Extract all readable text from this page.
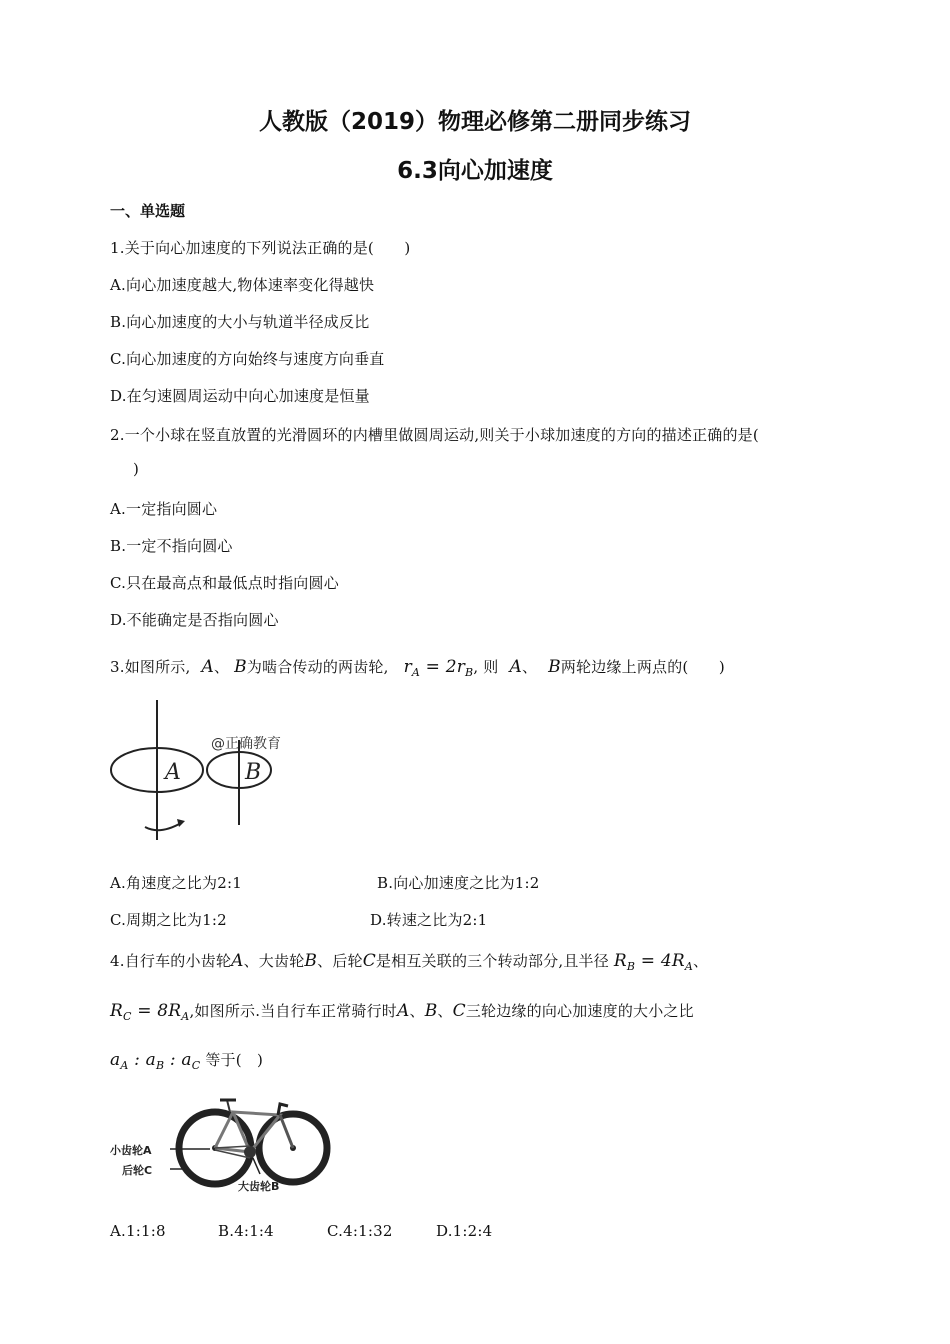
人教版（2019）物理必修第二册同步练习
6.3向心加速度
一、单选题
1.关于向心加速度的下列说法正确的是(　　)
A.向心加速度越大,物体速率变化得越快
B.向心加速度的大小与轨道半径成反比
C.向心加速度的方向始终与速度方向垂直
D.在匀速圆周运动中向心加速度是恒量
2.一个小球在竖直放置的光滑圆环的内槽里做圆周运动,则关于小球加速度的方向的描述正确的是(
)
A.一定指向圆心
B.一定不指向圆心
C.只在最高点和最低点时指向圆心
D.不能确定是否指向圆心
3.如图所示, A、 B为啮合传动的两齿轮, $r_A = 2r_B$, 则 A、 B两轮边缘上两点的(　　)
@正确教育
A	B
A.角速度之比为2:1	B.向心加速度之比为1:2
C.周期之比为1:2	D.转速之比为2:1
4.自行车的小齿轮A、大齿轮B、后轮C是相互关联的三个转动部分,且半径 $R_B = 4R_A$、
$R_C = 8R_A$,如图所示.当自行车正常骑行时A、B、C三轮边缘的向心加速度的大小之比
$a_A$ : $a_B$ : $a_C$ 等于(　)
小齿轮A
后轮C
大齿轮B
A.1:1:8	B.4:1:4	C.4:1:32	D.1:2:4
